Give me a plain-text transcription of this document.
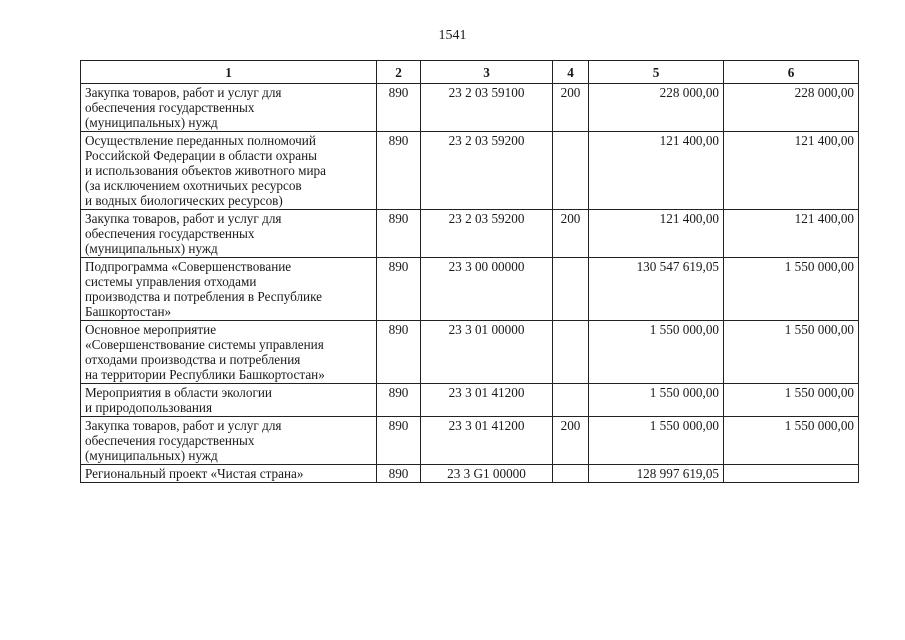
1541
1	2	3	4	5	6
Закупка товаров, работ и услуг для
обеспечения государственных
(муниципальных) нужд	890	23 2 03 59100	200	228 000,00	228 000,00
Осуществление переданных полномочий
Российской Федерации в области охраны
и использования объектов животного мира
(за исключением охотничьих ресурсов
и водных биологических ресурсов)	890	23 2 03 59200		121 400,00	121 400,00
Закупка товаров, работ и услуг для
обеспечения государственных
(муниципальных) нужд	890	23 2 03 59200	200	121 400,00	121 400,00
Подпрограмма «Совершенствование
системы управления отходами
производства и потребления в Республике
Башкортостан»	890	23 3 00 00000		130 547 619,05	1 550 000,00
Основное мероприятие
«Совершенствование системы управления
отходами производства и потребления
на территории Республики Башкортостан»	890	23 3 01 00000		1 550 000,00	1 550 000,00
Мероприятия в области экологии
и природопользования	890	23 3 01 41200		1 550 000,00	1 550 000,00
Закупка товаров, работ и услуг для
обеспечения государственных
(муниципальных) нужд	890	23 3 01 41200	200	1 550 000,00	1 550 000,00
Региональный проект «Чистая страна»	890	23 3 G1 00000		128 997 619,05	
